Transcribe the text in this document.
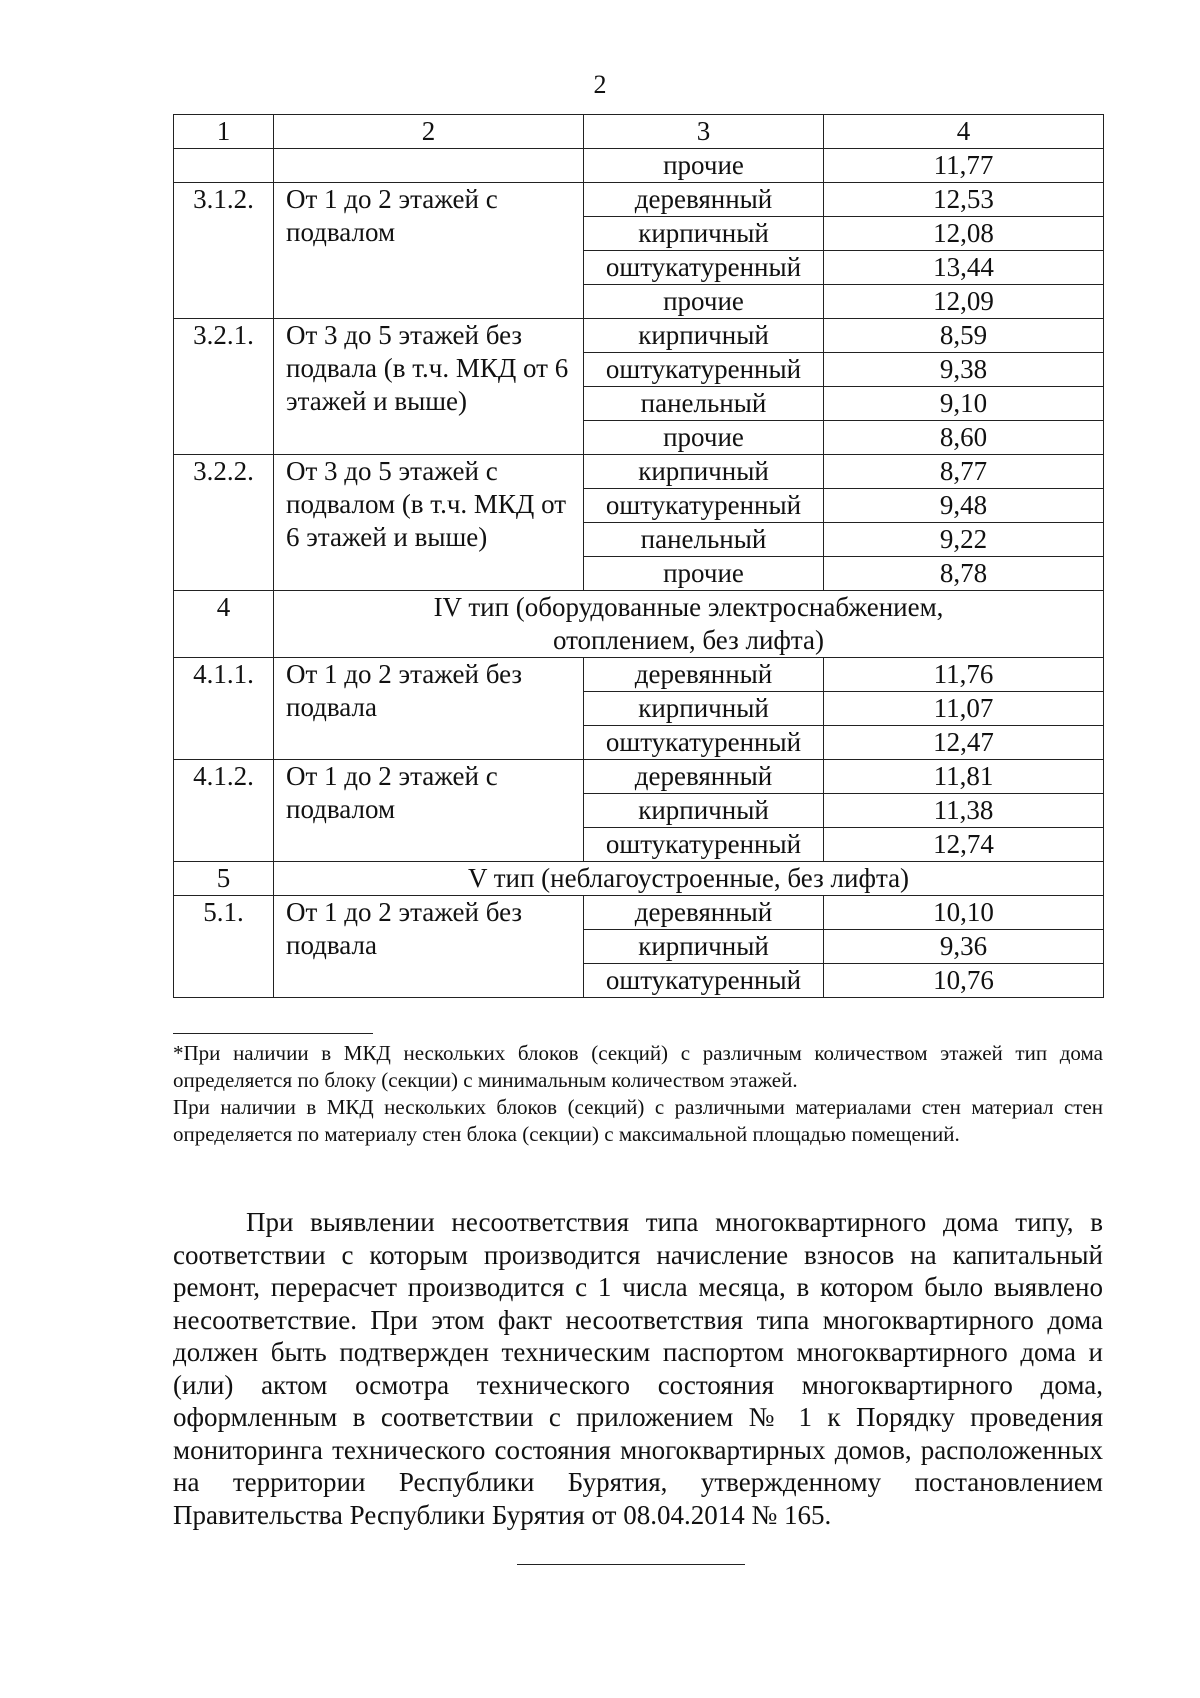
2
1	2	3	4
		прочие	11,77
3.1.2.	От 1 до 2 этажей с подвалом	деревянный	12,53
		кирпичный	12,08
		оштукатуренный	13,44
		прочие	12,09
3.2.1.	От 3 до 5 этажей без подвала (в т.ч. МКД от 6 этажей и выше)	кирпичный	8,59
		оштукатуренный	9,38
		панельный	9,10
		прочие	8,60
3.2.2.	От 3 до 5 этажей с подвалом (в т.ч. МКД от 6 этажей и выше)	кирпичный	8,77
		оштукатуренный	9,48
		панельный	9,22
		прочие	8,78
4	IV тип (оборудованные электроснабжением, отоплением, без лифта)		
4.1.1.	От 1 до 2 этажей без подвала	деревянный	11,76
		кирпичный	11,07
		оштукатуренный	12,47
4.1.2.	От 1 до 2 этажей с подвалом	деревянный	11,81
		кирпичный	11,38
		оштукатуренный	12,74
5	V тип (неблагоустроенные, без лифта)		
5.1.	От 1 до 2 этажей без подвала	деревянный	10,10
		кирпичный	9,36
		оштукатуренный	10,76

*При наличии в МКД нескольких блоков (секций) с различным количеством этажей тип дома определяется по блоку (секции) с минимальным количеством этажей.

При наличии в МКД нескольких блоков (секций) с различными материалами стен материал стен определяется по материалу стен блока (секции) с максимальной площадью помещений.

При выявлении несоответствия типа многоквартирного дома типу, в соответствии с которым производится начисление взносов на капитальный ремонт, перерасчет производится с 1 числа месяца, в котором было выявлено несоответствие. При этом факт несоответствия типа многоквартирного дома должен быть подтвержден техническим паспортом многоквартирного дома и (или) актом осмотра технического состояния многоквартирного дома, оформленным в соответствии с приложением № 1 к Порядку проведения мониторинга технического состояния многоквартирных домов, расположенных на территории Республики Бурятия, утвержденному постановлением Правительства Республики Бурятия от 08.04.2014 № 165.
